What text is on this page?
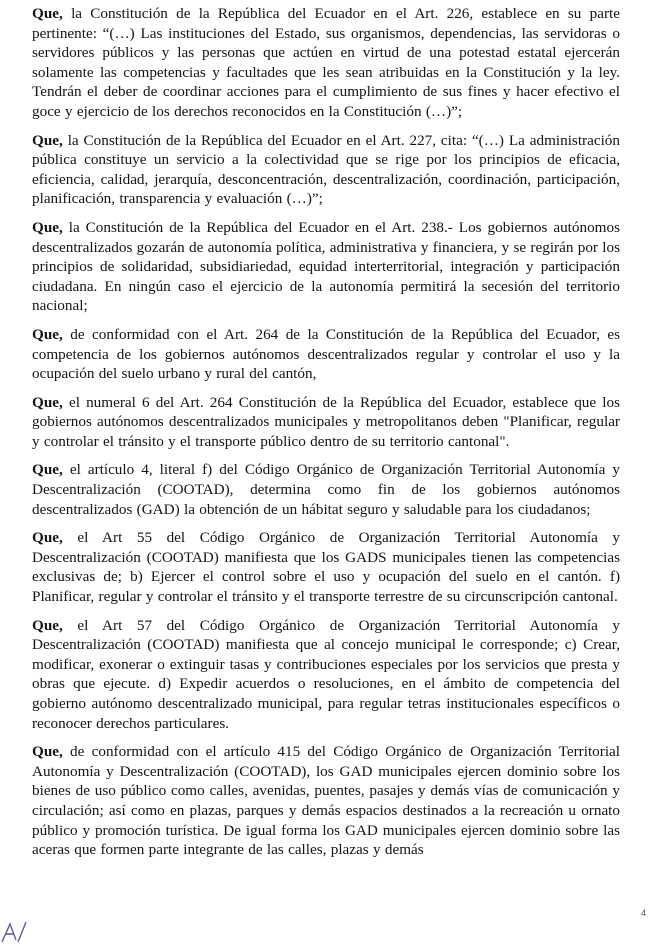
Que, la Constitución de la República del Ecuador en el Art. 226, establece en su parte pertinente: “(…) Las instituciones del Estado, sus organismos, dependencias, las servidoras o servidores públicos y las personas que actúen en virtud de una potestad estatal ejercerán solamente las competencias y facultades que les sean atribuidas en la Constitución y la ley. Tendrán el deber de coordinar acciones para el cumplimiento de sus fines y hacer efectivo el goce y ejercicio de los derechos reconocidos en la Constitución (…)”;

Que, la Constitución de la República del Ecuador en el Art. 227, cita: “(…) La administración pública constituye un servicio a la colectividad que se rige por los principios de eficacia, eficiencia, calidad, jerarquía, desconcentración, descentralización, coordinación, participación, planificación, transparencia y evaluación (…)”;

Que, la Constitución de la República del Ecuador en el Art. 238.- Los gobiernos autónomos descentralizados gozarán de autonomía política, administrativa y financiera, y se regirán por los principios de solidaridad, subsidiariedad, equidad interterritorial, integración y participación ciudadana. En ningún caso el ejercicio de la autonomía permitirá la secesión del territorio nacional;

Que, de conformidad con el Art. 264 de la Constitución de la República del Ecuador, es competencia de los gobiernos autónomos descentralizados regular y controlar el uso y la ocupación del suelo urbano y rural del cantón,

Que, el numeral 6 del Art. 264 Constitución de la República del Ecuador, establece que los gobiernos autónomos descentralizados municipales y metropolitanos deben "Planificar, regular y controlar el tránsito y el transporte público dentro de su territorio cantonal".

Que, el artículo 4, literal f) del Código Orgánico de Organización Territorial Autonomía y Descentralización (COOTAD), determina como fin de los gobiernos autónomos descentralizados (GAD) la obtención de un hábitat seguro y saludable para los ciudadanos;

Que, el Art 55 del Código Orgánico de Organización Territorial Autonomía y Descentralización (COOTAD) manifiesta que los GADS municipales tienen las competencias exclusivas de; b) Ejercer el control sobre el uso y ocupación del suelo en el cantón. f) Planificar, regular y controlar el tránsito y el transporte terrestre de su circunscripción cantonal.

Que, el Art 57 del Código Orgánico de Organización Territorial Autonomía y Descentralización (COOTAD) manifiesta que al concejo municipal le corresponde; c) Crear, modificar, exonerar o extinguir tasas y contribuciones especiales por los servicios que presta y obras que ejecute. d) Expedir acuerdos o resoluciones, en el ámbito de competencia del gobierno autónomo descentralizado municipal, para regular tetras institucionales específicos o reconocer derechos particulares.

Que, de conformidad con el artículo 415 del Código Orgánico de Organización Territorial Autonomía y Descentralización (COOTAD), los GAD municipales ejercen dominio sobre los bienes de uso público como calles, avenidas, puentes, pasajes y demás vías de comunicación y circulación; así como en plazas, parques y demás espacios destinados a la recreación u ornato público y promoción turística. De igual forma los GAD municipales ejercen dominio sobre las aceras que formen parte integrante de las calles, plazas y demás

4
